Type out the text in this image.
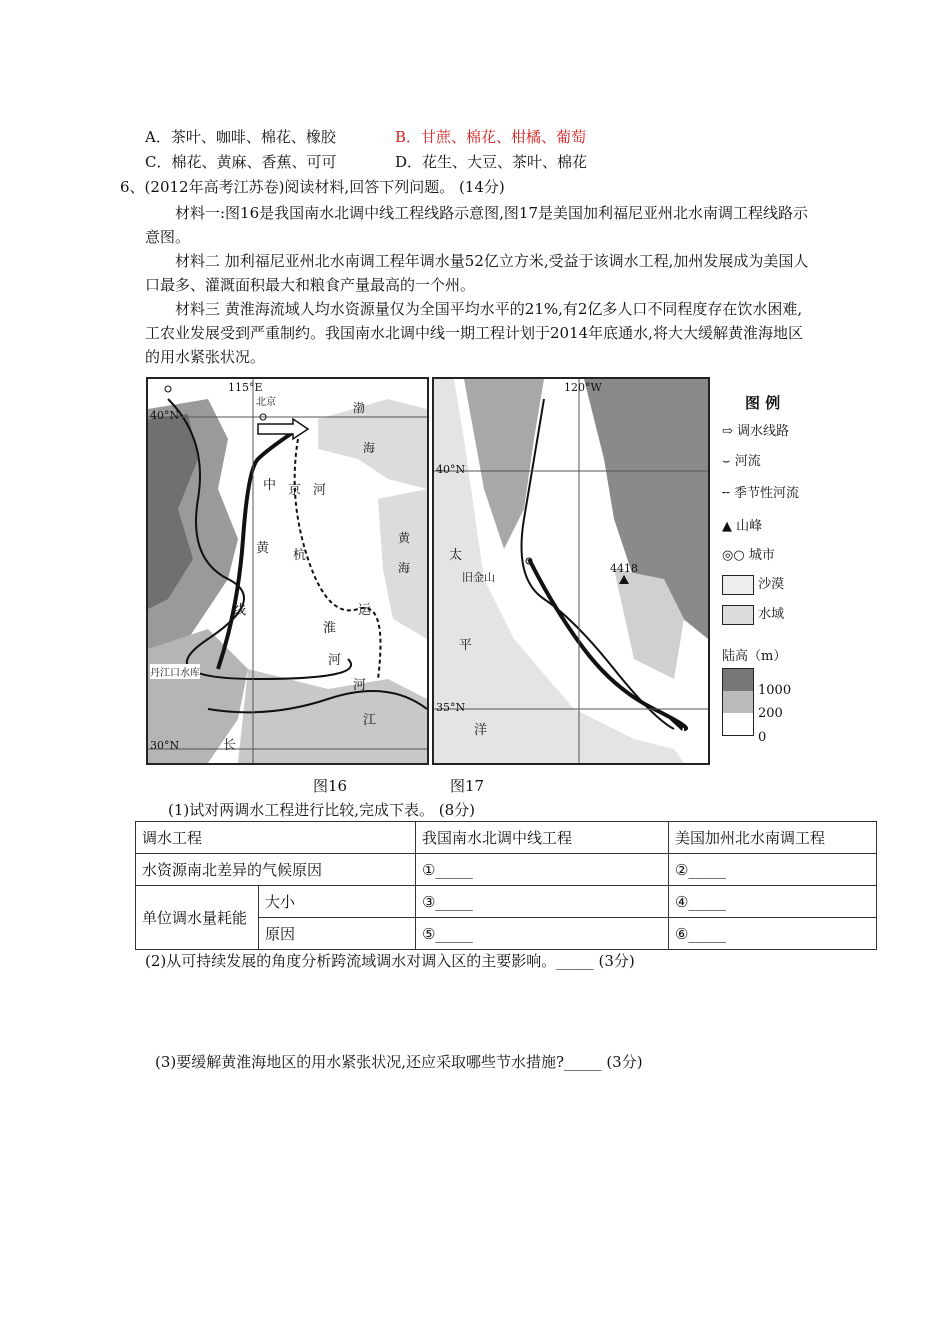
A．茶叶、咖啡、棉花、橡胶	B．甘蔗、棉花、柑橘、葡萄
C．棉花、黄麻、香蕉、可可	D．花生、大豆、茶叶、棉花
6、(2012年高考江苏卷)阅读材料,回答下列问题。 (14分)

材料一:图16是我国南水北调中线工程线路示意图,图17是美国加利福尼亚州北水南调工程线路示意图。

材料二 加利福尼亚州北水南调工程年调水量52亿立方米,受益于该调水工程,加州发展成为美国人口最多、灌溉面积最大和粮食产量最高的一个州。

材料三 黄淮海流域人均水资源量仅为全国平均水平的21%,有2亿多人口不同程度存在饮水困难,工农业发展受到严重制约。我国南水北调中线一期工程计划于2014年底通水,将大大缓解黄淮海地区的用水紧张状况。

115°E
40°N
30°N
北京	渤
海
黄
海
中
线
京
杭
运
河
黄
淮
河
河
长
江
丹江口水库
120°W
40°N
35°N
旧金山
4418
太
平
洋
图 例
⇨ 调水线路
⌣ 河流
╌ 季节性河流
▲ 山峰
◎○ 城市
沙漠
水域
陆高（m）
1000
200
0
图16	图17
(1)试对两调水工程进行比较,完成下表。 (8分)
调水工程		我国南水北调中线工程	美国加州北水南调工程
水资源南北差异的气候原因		①_____	②_____
单位调水量耗能	大小	③_____	④_____
	原因	⑤_____	⑥_____
(2)从可持续发展的角度分析跨流域调水对调入区的主要影响。_____ (3分)
(3)要缓解黄淮海地区的用水紧张状况,还应采取哪些节水措施?_____ (3分)
